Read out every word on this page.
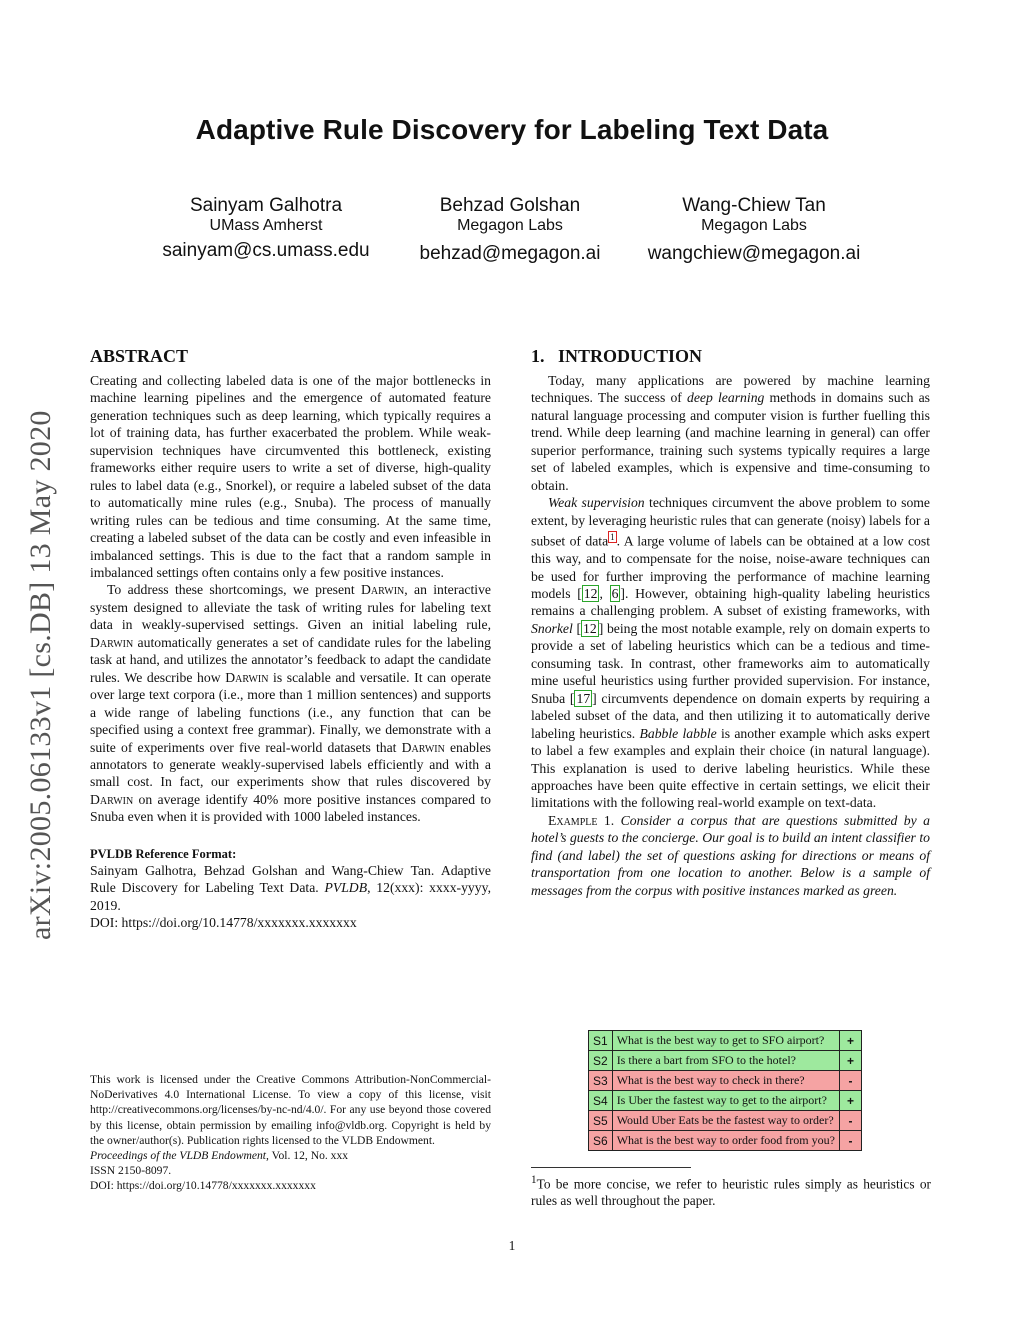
Adaptive Rule Discovery for Labeling Text Data
Sainyam Galhotra
UMass Amherst
sainyam@cs.umass.edu
Behzad Golshan
Megagon Labs
behzad@megagon.ai
Wang-Chiew Tan
Megagon Labs
wangchiew@megagon.ai
arXiv:2005.06133v1 [cs.DB] 13 May 2020
ABSTRACT

Creating and collecting labeled data is one of the major bottlenecks in machine learning pipelines and the emergence of automated feature generation techniques such as deep learning, which typically requires a lot of training data, has further exacerbated the problem. While weak-supervision techniques have circumvented this bottleneck, existing frameworks either require users to write a set of diverse, high-quality rules to label data (e.g., Snorkel), or require a labeled subset of the data to automatically mine rules (e.g., Snuba). The process of manually writing rules can be tedious and time consuming. At the same time, creating a labeled subset of the data can be costly and even infeasible in imbalanced settings. This is due to the fact that a random sample in imbalanced settings often contains only a few positive instances.

To address these shortcomings, we present Darwin, an interactive system designed to alleviate the task of writing rules for labeling text data in weakly-supervised settings. Given an initial labeling rule, Darwin automatically generates a set of candidate rules for the labeling task at hand, and utilizes the annotator’s feedback to adapt the candidate rules. We describe how Darwin is scalable and versatile. It can operate over large text corpora (i.e., more than 1 million sentences) and supports a wide range of labeling functions (i.e., any function that can be specified using a context free grammar). Finally, we demonstrate with a suite of experiments over five real-world datasets that Darwin enables annotators to generate weakly-supervised labels efficiently and with a small cost. In fact, our experiments show that rules discovered by Darwin on average identify 40% more positive instances compared to Snuba even when it is provided with 1000 labeled instances.

PVLDB Reference Format:

Sainyam Galhotra, Behzad Golshan and Wang-Chiew Tan. Adaptive Rule Discovery for Labeling Text Data. PVLDB, 12(xxx): xxxx-yyyy, 2019.

DOI: https://doi.org/10.14778/xxxxxxx.xxxxxxx

This work is licensed under the Creative Commons Attribution-NonCommercial-NoDerivatives 4.0 International License. To view a copy of this license, visit http://creativecommons.org/licenses/by-nc-nd/4.0/. For any use beyond those covered by this license, obtain permission by emailing info@vldb.org. Copyright is held by the owner/author(s). Publication rights licensed to the VLDB Endowment.

Proceedings of the VLDB Endowment, Vol. 12, No. xxx

ISSN 2150-8097.

DOI: https://doi.org/10.14778/xxxxxxx.xxxxxxx

1.   INTRODUCTION

Today, many applications are powered by machine learning techniques. The success of deep learning methods in domains such as natural language processing and computer vision is further fuelling this trend. While deep learning (and machine learning in general) can offer superior performance, training such systems typically requires a large set of labeled examples, which is expensive and time-consuming to obtain.

Weak supervision techniques circumvent the above problem to some extent, by leveraging heuristic rules that can generate (noisy) labels for a subset of data $^1$ . A large volume of labels can be obtained at a low cost this way, and to compensate for the noise, noise-aware techniques can be used for further improving the performance of machine learning models [ 12 , 6 ]. However, obtaining high-quality labeling heuristics remains a challenging problem. A subset of existing frameworks, with Snorkel [ 12 ] being the most notable example, rely on domain experts to provide a set of labeling heuristics which can be a tedious and time-consuming task. In contrast, other frameworks aim to automatically mine useful heuristics using further provided supervision. For instance, Snuba [ 17 ] circumvents dependence on domain experts by requiring a labeled subset of the data, and then utilizing it to automatically derive labeling heuristics. Babble labble is another example which asks expert to label a few examples and explain their choice (in natural language). This explanation is used to derive labeling heuristics. While these approaches have been quite effective in certain settings, we elicit their limitations with the following real-world example on text-data.

Example 1. Consider a corpus that are questions submitted by a hotel’s guests to the concierge. Our goal is to build an intent classifier to find (and label) the set of questions asking for directions or means of transportation from one location to another. Below is a sample of messages from the corpus with positive instances marked as green.

S1	What is the best way to get to SFO airport?	+
S2	Is there a bart from SFO to the hotel?	+
S3	What is the best way to check in there?	-
S4	Is Uber the fastest way to get to the airport?	+
S5	Would Uber Eats be the fastest way to order?	-
S6	What is the best way to order food from you?	-
$^1$To be more concise, we refer to heuristic rules simply as heuristics or rules as well throughout the paper.
1
